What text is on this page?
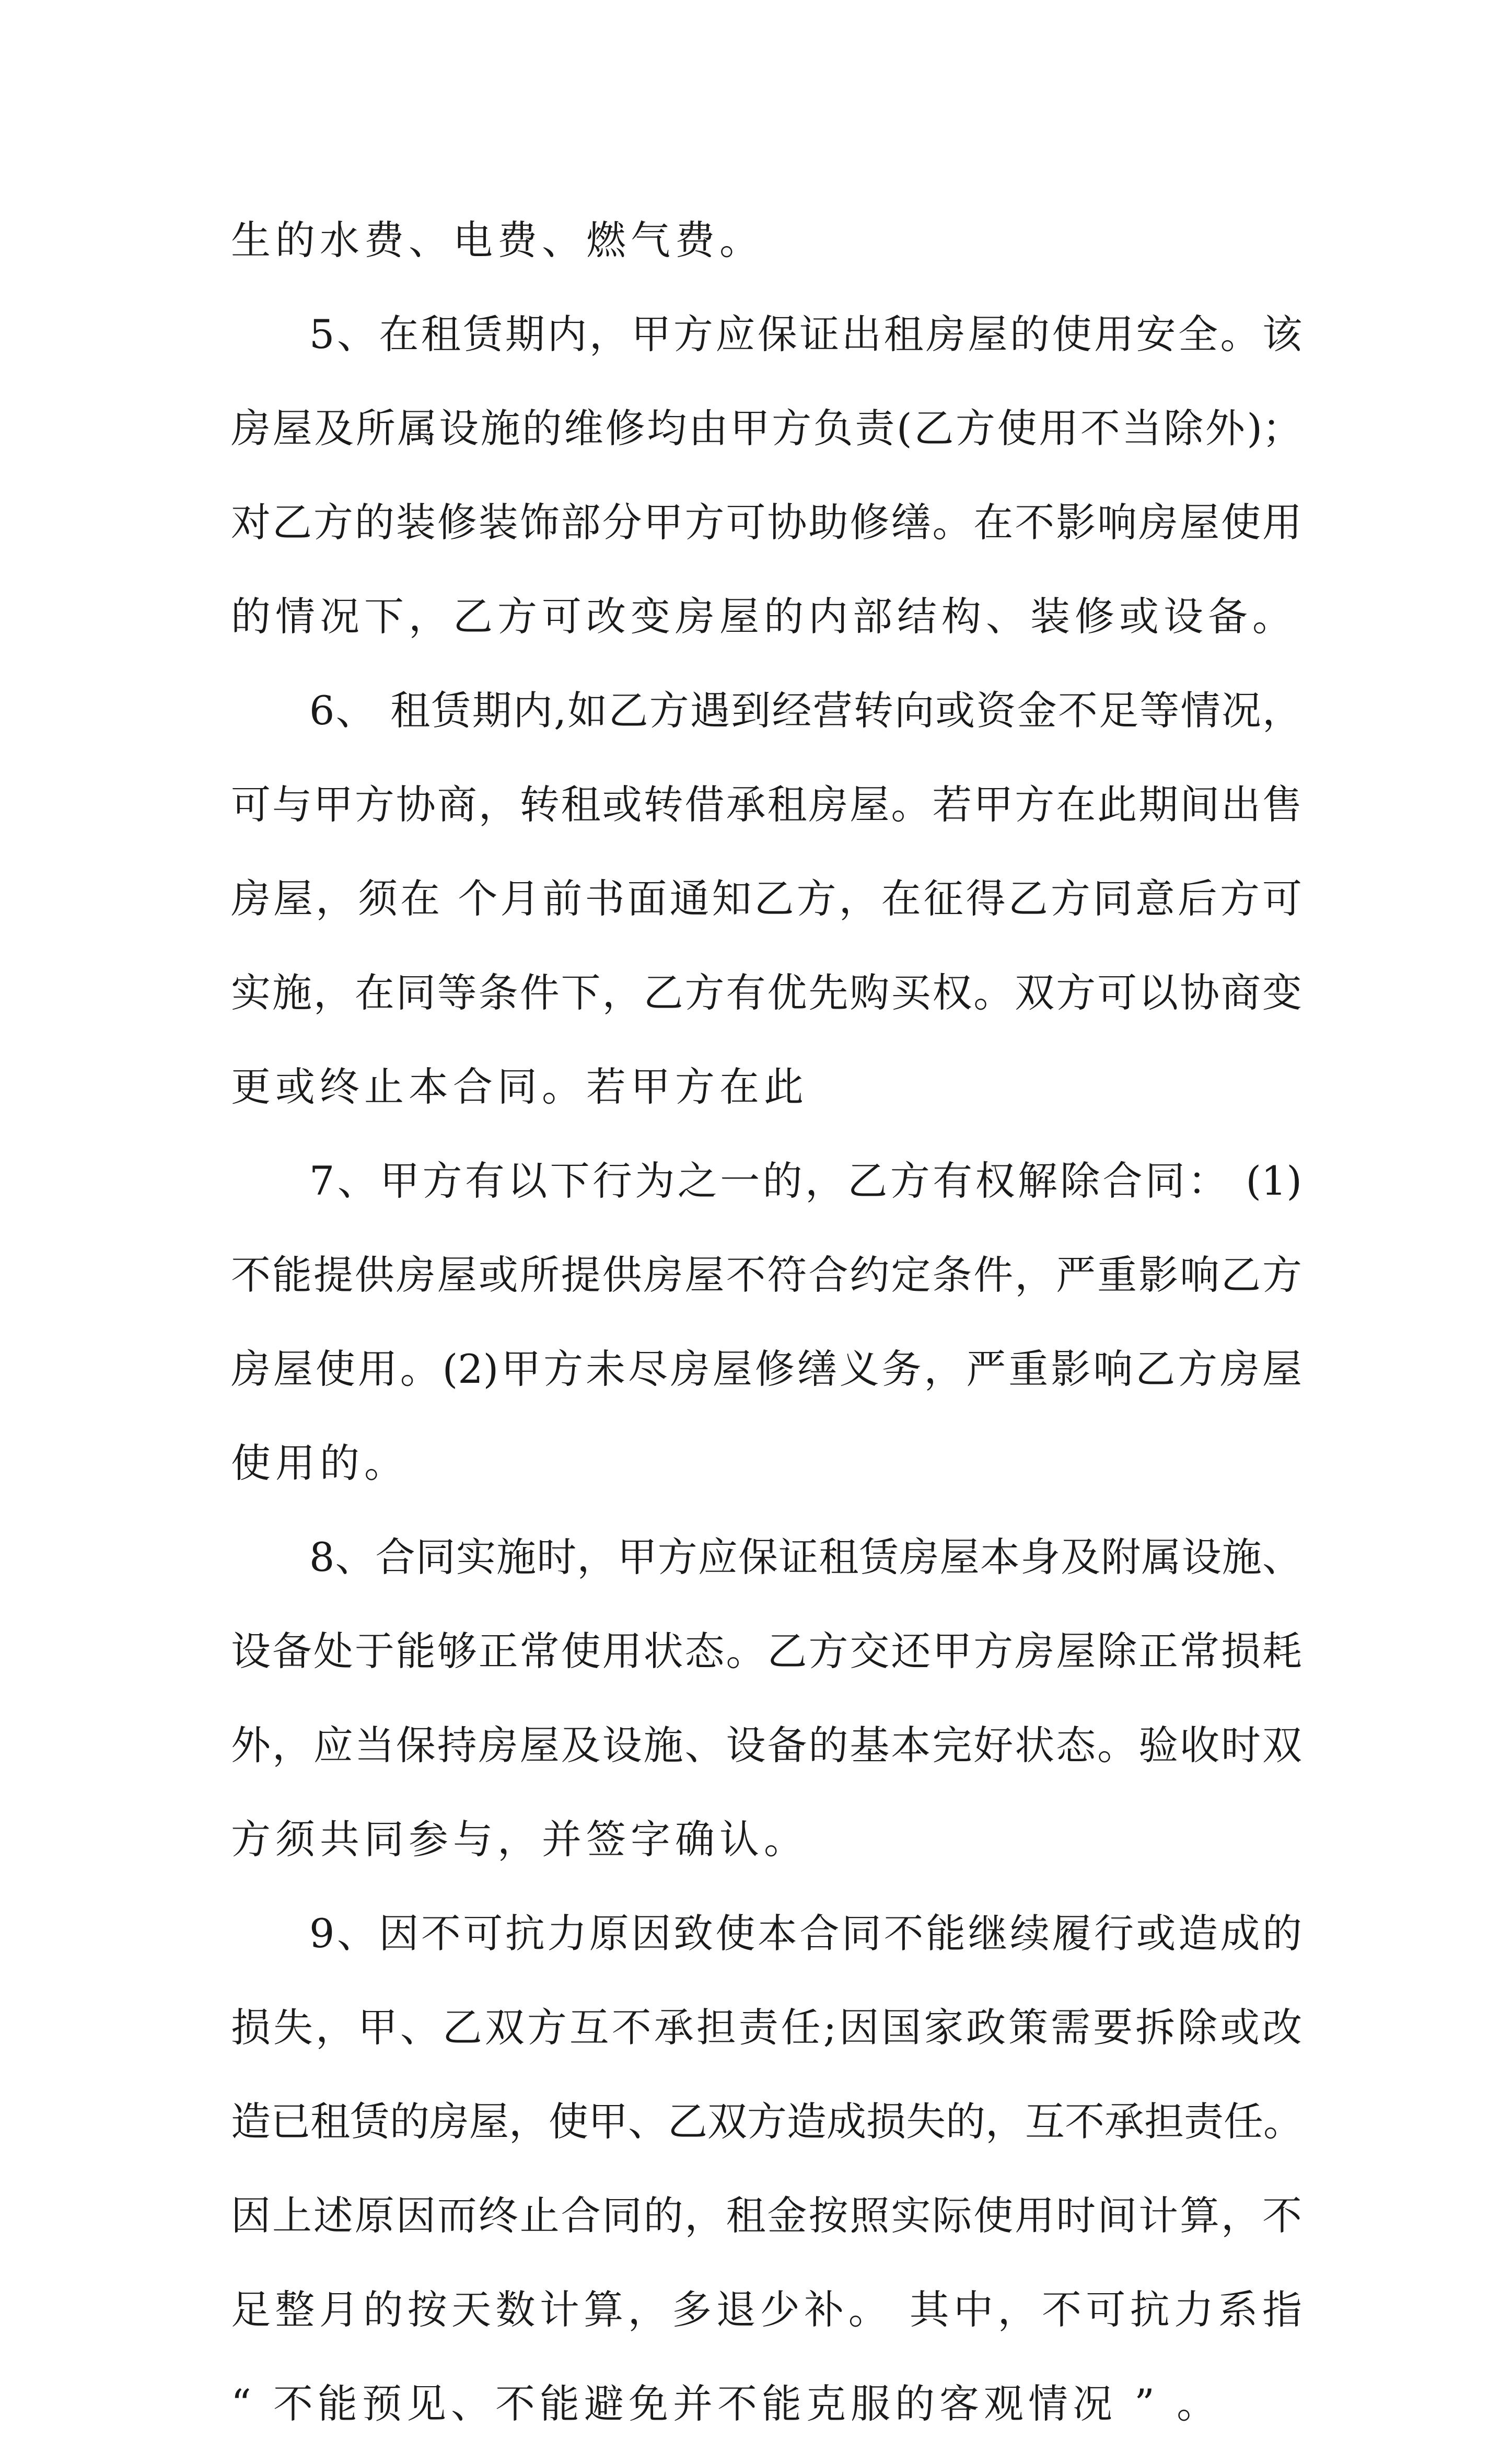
生的水费、电费、燃气费。
5、在租赁期内，甲方应保证出租房屋的使用安全。该
房屋及所属设施的维修均由甲方负责(乙方使用不当除外)；
对乙方的装修装饰部分甲方可协助修缮。在不影响房屋使用
的情况下，乙方可改变房屋的内部结构、装修或设备。
6、 租赁期内,如乙方遇到经营转向或资金不足等情况，
可与甲方协商，转租或转借承租房屋。若甲方在此期间出售
房屋，须在 个月前书面通知乙方，在征得乙方同意后方可
实施，在同等条件下，乙方有优先购买权。双方可以协商变
更或终止本合同。若甲方在此
7、甲方有以下行为之一的，乙方有权解除合同： (1)
不能提供房屋或所提供房屋不符合约定条件，严重影响乙方
房屋使用。(2)甲方未尽房屋修缮义务，严重影响乙方房屋
使用的。
8、合同实施时，甲方应保证租赁房屋本身及附属设施、
设备处于能够正常使用状态。乙方交还甲方房屋除正常损耗
外，应当保持房屋及设施、设备的基本完好状态。验收时双
方须共同参与，并签字确认。
9、因不可抗力原因致使本合同不能继续履行或造成的
损失，甲、乙双方互不承担责任;因国家政策需要拆除或改
造已租赁的房屋，使甲、乙双方造成损失的，互不承担责任。
因上述原因而终止合同的，租金按照实际使用时间计算，不
足整月的按天数计算，多退少补。 其中，不可抗力系指
“ 不能预见、不能避免并不能克服的客观情况 ” 。
